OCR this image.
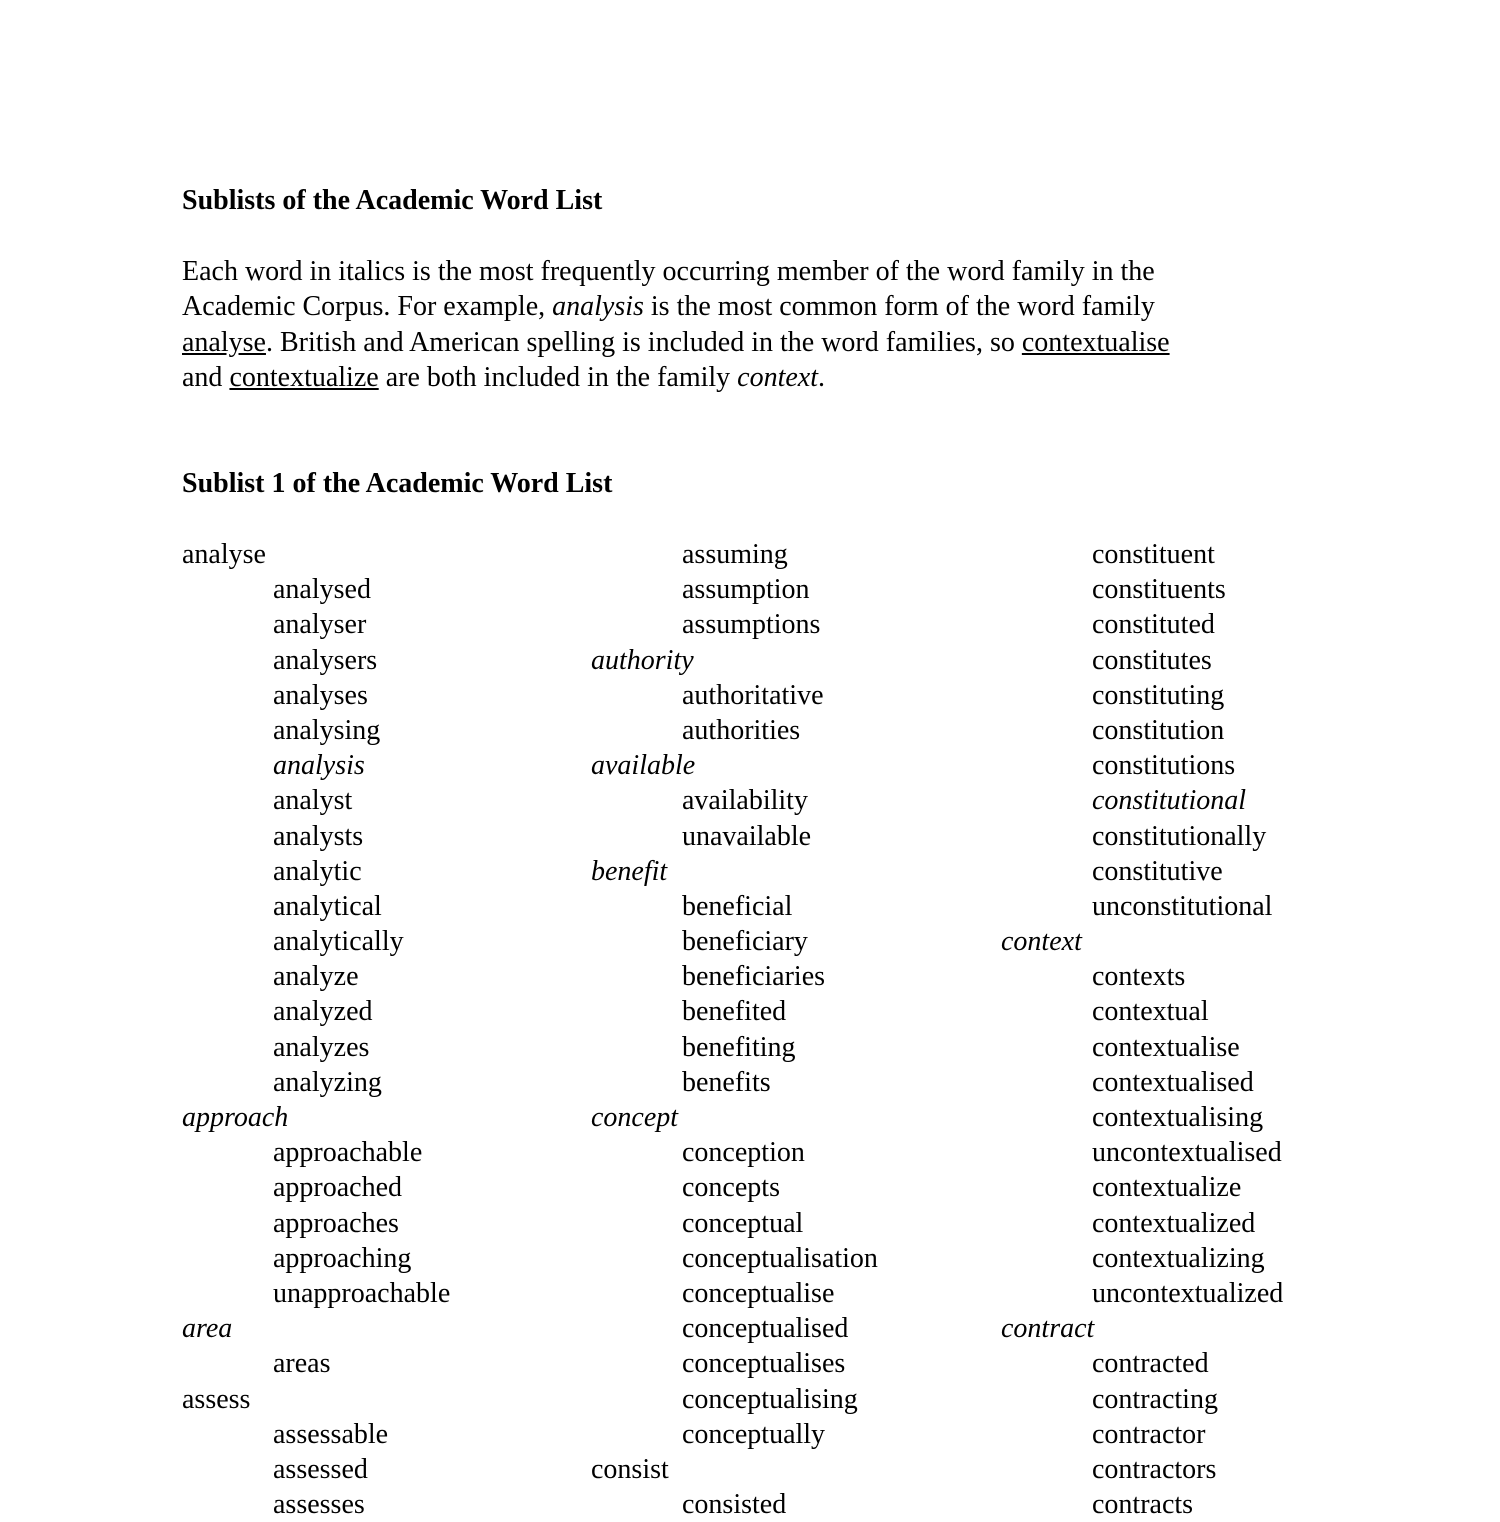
Sublists of the Academic Word List

Each word in italics is the most frequently occurring member of the word family in the
Academic Corpus. For example, analysis is the most common form of the word family
analyse. British and American spelling is included in the word families, so contextualise
and contextualize are both included in the family context.

Sublist 1 of the Academic Word List
analyse
analysed
analyser
analysers
analyses
analysing
analysis
analyst
analysts
analytic
analytical
analytically
analyze
analyzed
analyzes
analyzing
approach
approachable
approached
approaches
approaching
unapproachable
area
areas
assess
assessable
assessed
assesses
assuming
assumption
assumptions
authority
authoritative
authorities
available
availability
unavailable
benefit
beneficial
beneficiary
beneficiaries
benefited
benefiting
benefits
concept
conception
concepts
conceptual
conceptualisation
conceptualise
conceptualised
conceptualises
conceptualising
conceptually
consist
consisted
constituent
constituents
constituted
constitutes
constituting
constitution
constitutions
constitutional
constitutionally
constitutive
unconstitutional
context
contexts
contextual
contextualise
contextualised
contextualising
uncontextualised
contextualize
contextualized
contextualizing
uncontextualized
contract
contracted
contracting
contractor
contractors
contracts
